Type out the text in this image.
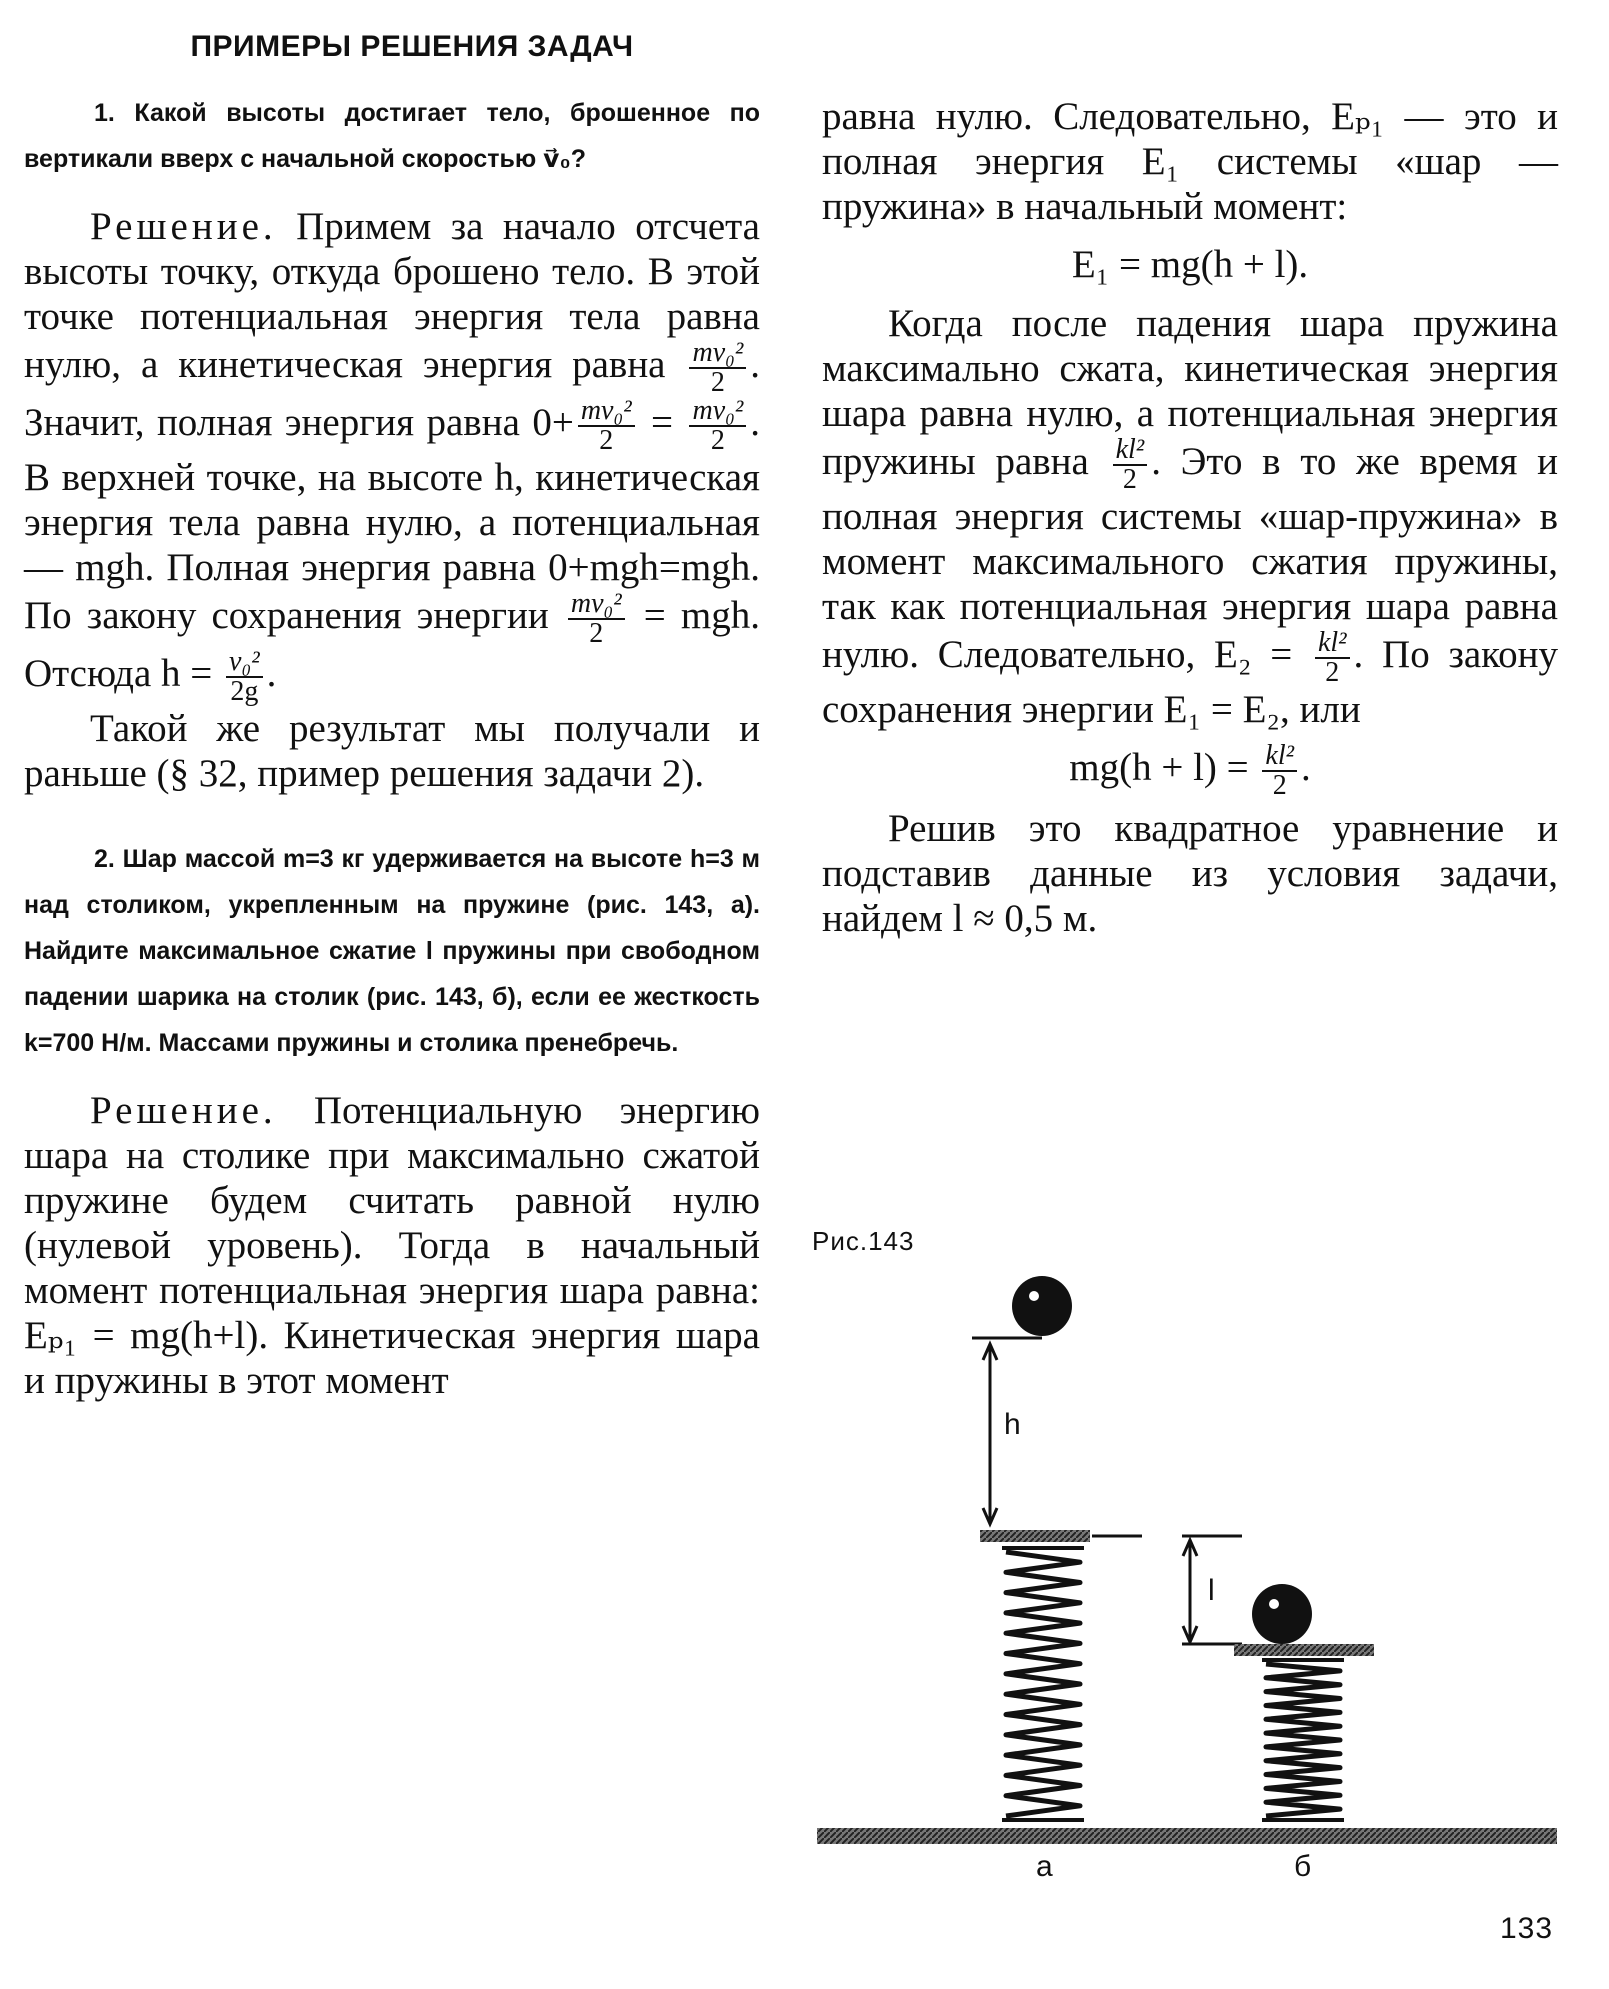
ПРИМЕРЫ РЕШЕНИЯ ЗАДАЧ

1. Какой высоты достигает тело, брошенное по вертикали вверх с начальной скоростью v⃗₀?

Решение. Примем за начало отсчета высоты точку, откуда брошено тело. В этой точке потенциальная энергия тела равна нулю, а кинетическая энергия равна $\frac{\text{mv₀²}}{2}$ . Значит, полная энергия равна $0+ \frac{\text{mv₀²}}{2} = \frac{\text{mv₀²}}{2}$ . В верхней точке, на высоте h, кинетическая энергия тела равна нулю, а потенциальная — mgh. Полная энергия равна 0+mgh=mgh. По закону сохранения энергии $\frac{\text{mv₀²}}{2}$ = mgh. Отсюда $h = \frac{\text{v₀²}}{2g}$ .

Такой же результат мы получали и раньше (§ 32, пример решения задачи 2).

2. Шар массой m=3 кг удерживается на высоте h=3 м над столиком, укрепленным на пружине (рис. 143, а). Найдите максимальное сжатие l пружины при свободном падении шарика на столик (рис. 143, б), если ее жесткость k=700 Н/м. Массами пружины и столика пренебречь.

Решение. Потенциальную энергию шара на столике при максимально сжатой пружине будем считать равной нулю (нулевой уровень). Тогда в начальный момент потенциальная энергия шара равна: Eₚ₁ = mg(h+l). Кинетическая энергия шара и пружины в этот момент

равна нулю. Следовательно, Eₚ₁ — это и полная энергия E₁ системы «шар — пружина» в начальный момент:

E₁ = mg(h + l).

Когда после падения шара пружина максимально сжата, кинетическая энергия шара равна нулю, а потенциальная энергия пружины равна $\frac{\text{kl²}}{2}$ . Это в то же время и полная энергия системы «шар-пружина» в момент максимального сжатия пружины, так как потенциальная энергия шара равна нулю. Следовательно, $E_2 = \frac{\text{kl²}}{2}$ . По закону сохранения энергии E₁ = E₂, или

$mg(h + l) = \frac{\text{kl²}}{2}$ .

Решив это квадратное уравнение и подставив данные из условия задачи, найдем l ≈ 0,5 м.

Рис.143
h
l
а	б
133
